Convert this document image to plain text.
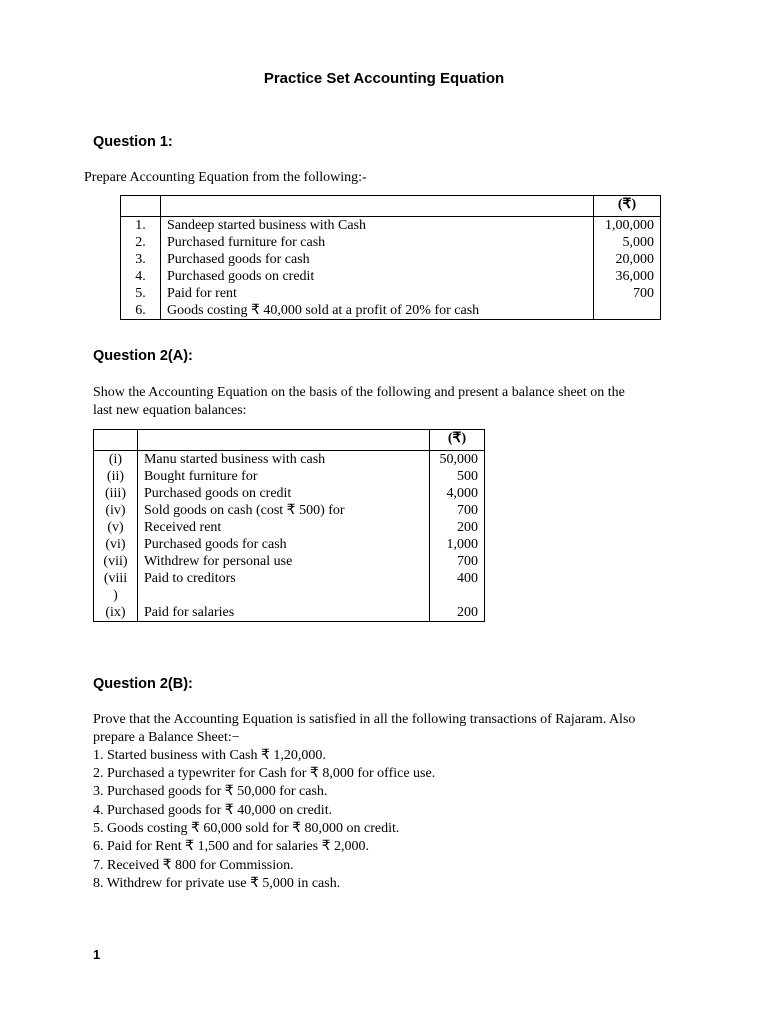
Practice Set Accounting Equation
Question 1:
Prepare Accounting Equation from the following:-
		(₹)
1.	Sandeep started business with Cash	1,00,000
2.	Purchased furniture for cash	5,000
3.	Purchased goods for cash	20,000
4.	Purchased goods on credit	36,000
5.	Paid for rent	700
6.	Goods costing ₹ 40,000 sold at a profit of 20% for cash	
Question 2(A):
Show the Accounting Equation on the basis of the following and present a balance sheet on the
last new equation balances:
		(₹)
(i)	Manu started business with cash	50,000
(ii)	Bought furniture for	500
(iii)	Purchased goods on credit	4,000
(iv)	Sold goods on cash (cost ₹ 500) for	700
(v)	Received rent	200
(vi)	Purchased goods for cash	1,000
(vii)	Withdrew for personal use	700
(viii	Paid to creditors	400
)		
(ix)	Paid for salaries	200
Question 2(B):
Prove that the Accounting Equation is satisfied in all the following transactions of Rajaram. Also
prepare a Balance Sheet:−
1. Started business with Cash ₹ 1,20,000.
2. Purchased a typewriter for Cash for ₹ 8,000 for office use.
3. Purchased goods for ₹ 50,000 for cash.
4. Purchased goods for ₹ 40,000 on credit.
5. Goods costing ₹ 60,000 sold for ₹ 80,000 on credit.
6. Paid for Rent ₹ 1,500 and for salaries ₹ 2,000.
7. Received ₹ 800 for Commission.
8. Withdrew for private use ₹ 5,000 in cash.
1
